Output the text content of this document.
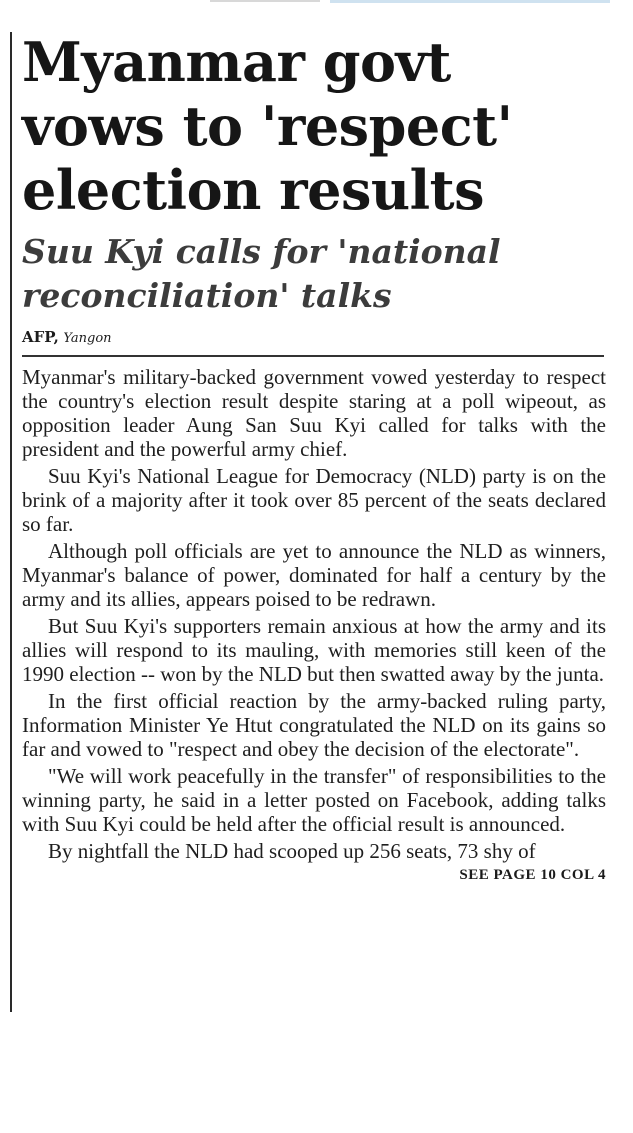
Myanmar govt
vows to 'respect'
election results
Suu Kyi calls for 'national
reconciliation' talks
AFP, Yangon

Myanmar's military-backed government vowed yesterday to respect the country's election result despite staring at a poll wipeout, as opposition leader Aung San Suu Kyi called for talks with the president and the powerful army chief.

Suu Kyi's National League for Democracy (NLD) party is on the brink of a majority after it took over 85 percent of the seats declared so far.

Although poll officials are yet to announce the NLD as winners, Myanmar's balance of power, dominated for half a century by the army and its allies, appears poised to be redrawn.

But Suu Kyi's supporters remain anxious at how the army and its allies will respond to its mauling, with memories still keen of the 1990 election -- won by the NLD but then swatted away by the junta.

In the first official reaction by the army-backed ruling party, Information Minister Ye Htut congratulated the NLD on its gains so far and vowed to "respect and obey the decision of the electorate".

"We will work peacefully in the transfer" of responsibilities to the winning party, he said in a letter posted on Facebook, adding talks with Suu Kyi could be held after the official result is announced.

By nightfall the NLD had scooped up 256 seats, 73 shy of

SEE PAGE 10 COL 4
